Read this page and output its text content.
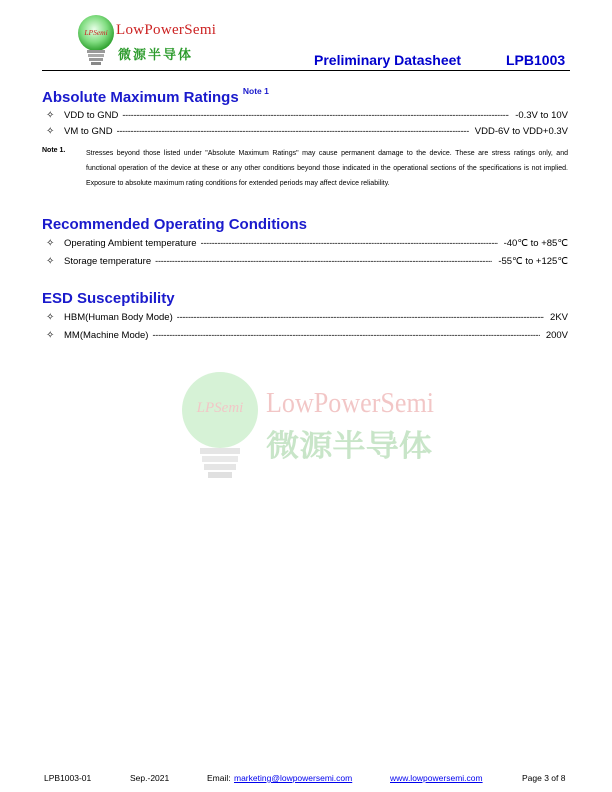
LPSemi LowPowerSemi
微源半导体	Preliminary Datasheet	LPB1003
LPSemi LowPowerSemi
微源半导体
Absolute Maximum Ratings $^{Note 1}$
✧	VDD to GND -----	-0.3V to 10V
✧	VM to GND -----	VDD-6V to VDD+0.3V
Note 1.	Stresses beyond those listed under "Absolute Maximum Ratings" may cause permanent damage to the device. These are stress ratings only, and functional operation of the device at these or any other conditions beyond those indicated in the operational sections of the specifications is not implied. Exposure to absolute maximum rating conditions for extended periods may affect device reliability.
Recommended Operating Conditions
✧	Operating Ambient temperature -----	-40℃ to +85℃
✧	Storage temperature -----	-55℃ to +125℃
ESD Susceptibility
✧	HBM(Human Body Mode) -----	2KV
✧	MM(Machine Mode) -----	200V
LPB1003-01	Sep.-2021	Email: marketing@lowpowersemi.com	www.lowpowersemi.com	Page 3 of 8
